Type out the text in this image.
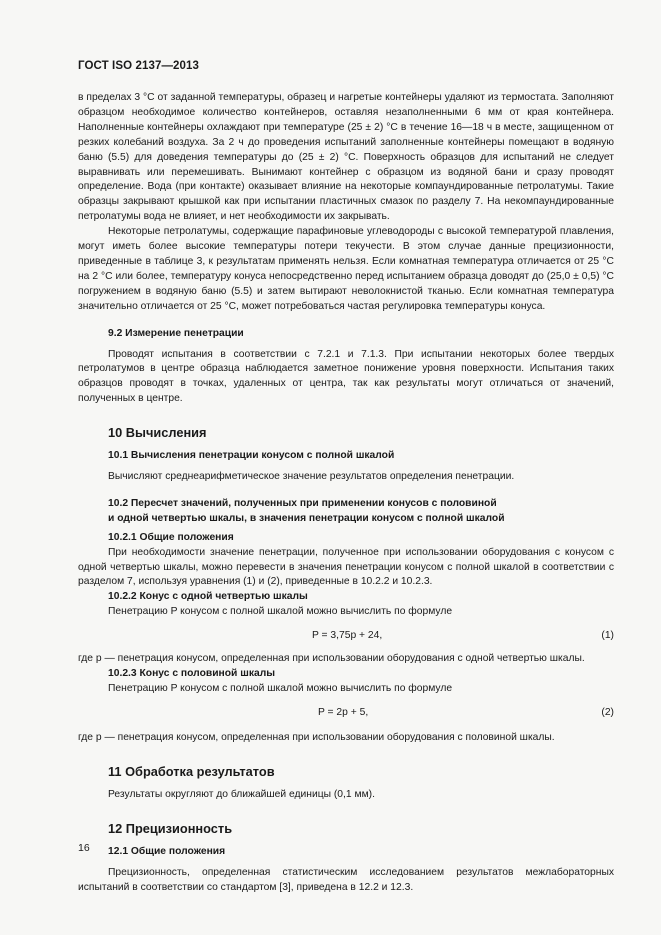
ГОСТ ISO 2137—2013

в пределах 3 °С от заданной температуры, образец и нагретые контейнеры удаляют из термостата. Заполняют образцом необходимое количество контейнеров, оставляя незаполненными 6 мм от края контейнера. Наполненные контейнеры охлаждают при температуре (25 ± 2) °С в течение 16—18 ч в месте, защищенном от резких колебаний воздуха. За 2 ч до проведения испытаний заполненные контейнеры помещают в водяную баню (5.5) для доведения температуры до (25 ± 2) °С. Поверхность образцов для испытаний не следует выравнивать или перемешивать. Вынимают контейнер с образцом из водяной бани и сразу проводят определение. Вода (при контакте) оказывает влияние на некоторые компаундированные петролатумы. Такие образцы закрывают крышкой как при испытании пластичных смазок по разделу 7. На некомпаундированные петролатумы вода не влияет, и нет необходимости их закрывать.

Некоторые петролатумы, содержащие парафиновые углеводороды с высокой температурой плавления, могут иметь более высокие температуры потери текучести. В этом случае данные прецизионности, приведенные в таблице 3, к результатам применять нельзя. Если комнатная температура отличается от 25 °С на 2 °С или более, температуру конуса непосредственно перед испытанием образца доводят до (25,0 ± 0,5) °С погружением в водяную баню (5.5) и затем вытирают неволокнистой тканью. Если комнатная температура значительно отличается от 25 °С, может потребоваться частая регулировка температуры конуса.

9.2 Измерение пенетрации

Проводят испытания в соответствии с 7.2.1 и 7.1.3. При испытании некоторых более твердых петролатумов в центре образца наблюдается заметное понижение уровня поверхности. Испытания таких образцов проводят в точках, удаленных от центра, так как результаты могут отличаться от значений, полученных в центре.

10 Вычисления
10.1 Вычисления пенетрации конусом с полной шкалой

Вычисляют среднеарифметическое значение результатов определения пенетрации.

10.2 Пересчет значений, полученных при применении конусов с половиной
и одной четвертью шкалы, в значения пенетрации конусом с полной шкалой
10.2.1 Общие положения

При необходимости значение пенетрации, полученное при использовании оборудования с конусом с одной четвертью шкалы, можно перевести в значения пенетрации конусом с полной шкалой в соответствии с разделом 7, используя уравнения (1) и (2), приведенные в 10.2.2 и 10.2.3.

10.2.2 Конус с одной четвертью шкалы

Пенетрацию P конусом с полной шкалой можно вычислить по формуле

P = 3,75p + 24,	(1)

где p — пенетрация конусом, определенная при использовании оборудования с одной четвертью шкалы.

10.2.3 Конус с половиной шкалы

Пенетрацию P конусом с полной шкалой можно вычислить по формуле

P = 2p + 5,	(2)

где p — пенетрация конусом, определенная при использовании оборудования с половиной шкалы.

11 Обработка результатов

Результаты округляют до ближайшей единицы (0,1 мм).

12 Прецизионность
12.1 Общие положения

Прецизионность, определенная статистическим исследованием результатов межлабораторных испытаний в соответствии со стандартом [3], приведена в 12.2 и 12.3.

16
